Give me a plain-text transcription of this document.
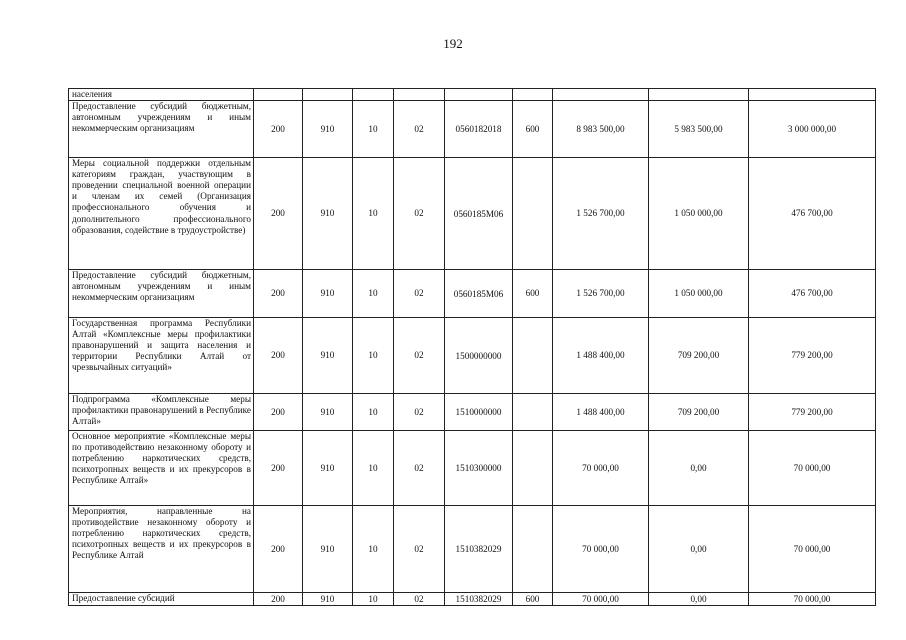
192
населения									
Предоставление субсидий бюджетным, автономным учреждениям и иным некоммерческим организациям	200	910	10	02	0560182018	600	8 983 500,00	5 983 500,00	3 000 000,00
Меры социальной поддержки отдельным категориям граждан, участвующим в проведении специальной военной операции и членам их семей (Организация профессионального обучения и дополнительного профессионального образования, содействие в трудоустройстве)	200	910	10	02	0560185М06		1 526 700,00	1 050 000,00	476 700,00
Предоставление субсидий бюджетным, автономным учреждениям и иным некоммерческим организациям	200	910	10	02	0560185М06	600	1 526 700,00	1 050 000,00	476 700,00
Государственная программа Республики Алтай «Комплексные меры профилактики правонарушений и защита населения и территории Республики Алтай от чрезвычайных ситуаций»	200	910	10	02	1500000000		1 488 400,00	709 200,00	779 200,00
Подпрограмма «Комплексные меры профилактики правонарушений в Республике Алтай»	200	910	10	02	1510000000		1 488 400,00	709 200,00	779 200,00
Основное мероприятие «Комплексные меры по противодействию незаконному обороту и потреблению наркотических средств, психотропных веществ и их прекурсоров в Республике Алтай»	200	910	10	02	1510300000		70 000,00	0,00	70 000,00
Мероприятия, направленные на противодействие незаконному обороту и потреблению наркотических средств, психотропных веществ и их прекурсоров в Республике Алтай	200	910	10	02	1510382029		70 000,00	0,00	70 000,00
Предоставление субсидий	200	910	10	02	1510382029	600	70 000,00	0,00	70 000,00
